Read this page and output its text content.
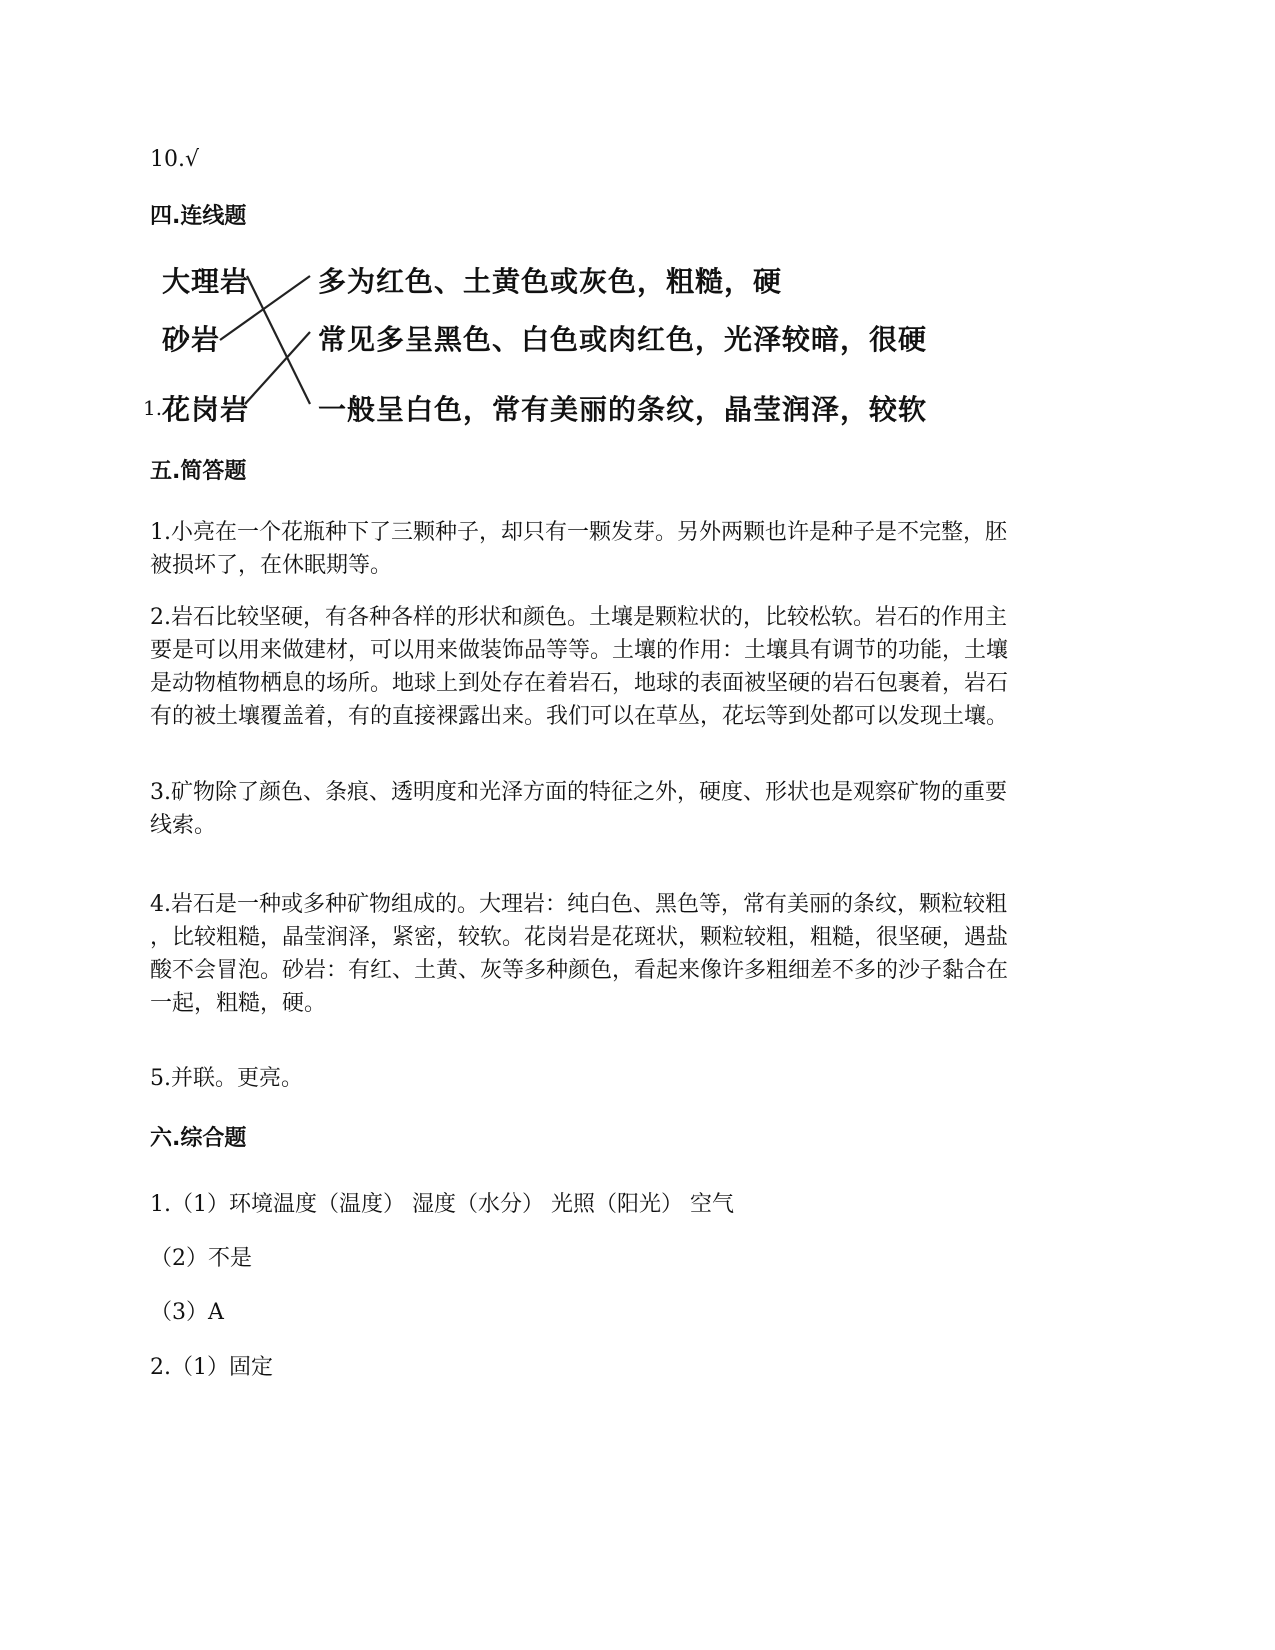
10.√
四.连线题
大理岩
砂岩
1. 花岗岩
多为红色、土黄色或灰色，粗糙，硬
常见多呈黑色、白色或肉红色，光泽较暗，很硬
一般呈白色，常有美丽的条纹，晶莹润泽，较软
五.简答题
1.小亮在一个花瓶种下了三颗种子，却只有一颗发芽。另外两颗也许是种子是不完整，胚
被损坏了，在休眠期等。
2.岩石比较坚硬，有各种各样的形状和颜色。土壤是颗粒状的，比较松软。岩石的作用主
要是可以用来做建材，可以用来做装饰品等等。土壤的作用：土壤具有调节的功能，土壤
是动物植物栖息的场所。地球上到处存在着岩石，地球的表面被坚硬的岩石包裹着，岩石
有的被土壤覆盖着，有的直接裸露出来。我们可以在草丛，花坛等到处都可以发现土壤。
3.矿物除了颜色、条痕、透明度和光泽方面的特征之外，硬度、形状也是观察矿物的重要
线索。
4.岩石是一种或多种矿物组成的。大理岩：纯白色、黑色等，常有美丽的条纹，颗粒较粗
，比较粗糙，晶莹润泽，紧密，较软。花岗岩是花斑状，颗粒较粗，粗糙，很坚硬，遇盐
酸不会冒泡。砂岩：有红、土黄、灰等多种颜色，看起来像许多粗细差不多的沙子黏合在
一起，粗糙，硬。
5.并联。更亮。
六.综合题
1.（1）环境温度（温度） 湿度（水分） 光照（阳光） 空气
（2）不是
（3）A
2.（1）固定
